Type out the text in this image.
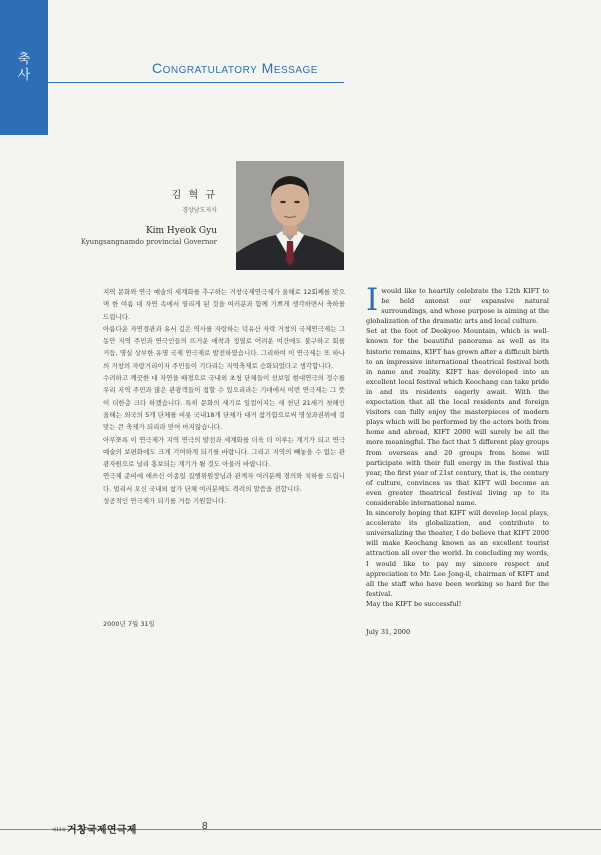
축
사	Congratulatory Message
김 혁 규
경상남도지사
Kim Hyeok Gyu
Kyungsangnamdo provincial Governor

지역 문화와 연극 예술의 세계화를 추구하는 거창국제연극제가 올해로 12회째를 맞으며 한 여름 대 자연 속에서 열리게 된 것을 여러분과 함께 기쁘게 생각하면서 축하를 드립니다.

아름다운 자연경관과 유서 깊은 역사를 자랑하는 덕유산 자락 거창의 국제연극제는 그 동안 지역 주민과 연극인들의 뜨거운 애착과 정열로 어려운 여건에도 불구하고 회를 거듭, 명실 상부한 유명 국제 연극제로 발전하였습니다. 그리하여 이 연극제는 또 하나의 거창의 자랑거리이자 주민들이 기다리는 지역축제로 승화되었다고 생각합니다.

수려하고 깨끗한 대 자연을 배경으로 국내외 초청 단체들이 선보일 현대연극의 정수를 우리 지역 주민과 많은 관광객들이 접할 수 있으리라는 기대에서 이번 연극제는 그 뜻이 더한층 크다 하겠습니다. 특히 문화의 세기로 일컬어지는 새 천년 21세기 첫해인 올해는 외국의 5개 단체를 비롯 국내18개 단체가 대거 참가함으로써 명성과권위에 걸맞는 큰 축제가 되리라 믿어 마지않습니다.

아무쪼록 이 연극제가 지역 연극의 발전과 세계화를 더욱 더 이루는 계기가 되고 연극 예술의 보편화에도 크게 기여하게 되기를 바랍니다. 그리고 지역의 빼놓을 수 없는 관광자원으로 널리 홍보되는 계기가 될 것도 아울러 바랍니다.

연극제 준비에 애쓰신 이종일 집행위원장님과 관계자 여러분께 경의와 치하를 드립니다. 멀리서 오신 국내외 참가 단체 여러분께도 격려의 말씀을 전합니다.

성공적인 연극제가 되기를 거듭 기원합니다.

2000년 7월 31일

Iwould like to heartily celebrate the 12th KIFT to be held amonst our expansive natural surroundings, and whose purpose is aiming at the globalization of the dramatic arts and local culture.

Set at the foot of Deokyoo Mountain, which is well-known for the beautiful panorama as well as its historic remains, KIFT has grown after a difficult birth to an impressive international theatrical festival both in name and reality. KIFT has developed into an excellent local festival which Keochang can take pride in and its residents eagerly await. With the expectation that all the local residents and foreign visitors can fully enjoy the masterpieces of modern plays which will be performed by the actors both from home and abroad, KIFT 2000 will surely be all the more meaningful. The fact that 5 different play groups from overseas and 20 groups from home will participate with their full energy in the festival this year, the first year of 21st century, that is, the century of culture, convinces us that KIFT will become an even greater theatrical festival living up to its considerable international name.

In sincerely hoping that KIFT will develop local plays, accelerate its globalization, and contribute to universalizing the theater, I do believe that KIFT 2000 will make Keochang known as an excellent tourist attraction all over the world. In concluding my words, I would like to pay my sincere respect and appreciation to Mr. Lee Jong-il, chairman of KIFT and all the staff who have been working so hard for the festival.

May the KIFT be successful!

July 31, 2000
제12회거창국제연극제	8
